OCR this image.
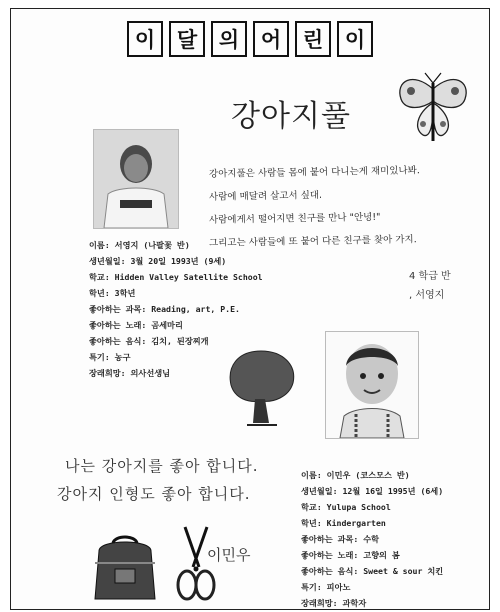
이	달	의	어	린	이
강아지풀
강아지풀은 사람들 몸에 붙어 다니는게 재미있나봐.
사람에 매달려 살고서 싶대.
사람에게서 떨어지면 친구를 만나 "안녕!"
그리고는 사람들에 또 붙어 다른 친구를 찾아 가지.
4 학급 반
, 서영지
이름: 서영지 (나팔꽃 반)
생년월일: 3월 20일 1993년 (9세)
학교: Hidden Valley Satellite School
학년: 3학년
좋아하는 과목: Reading, art, P.E.
좋아하는 노래: 곰세마리
좋아하는 음식: 김치, 된장찌개
특기: 농구
장래희망: 의사선생님
나는 강아지를 좋아 합니다.
강아지 인형도 좋아 합니다.
이름: 이민우 (코스모스 반)
생년월일: 12월 16일 1995년 (6세)
학교: Yulupa School
학년: Kindergarten
좋아하는 과목: 수학
좋아하는 노래: 고향의 봄
좋아하는 음식: Sweet & sour 치킨
특기: 피아노
장래희망: 과학자
이민우
